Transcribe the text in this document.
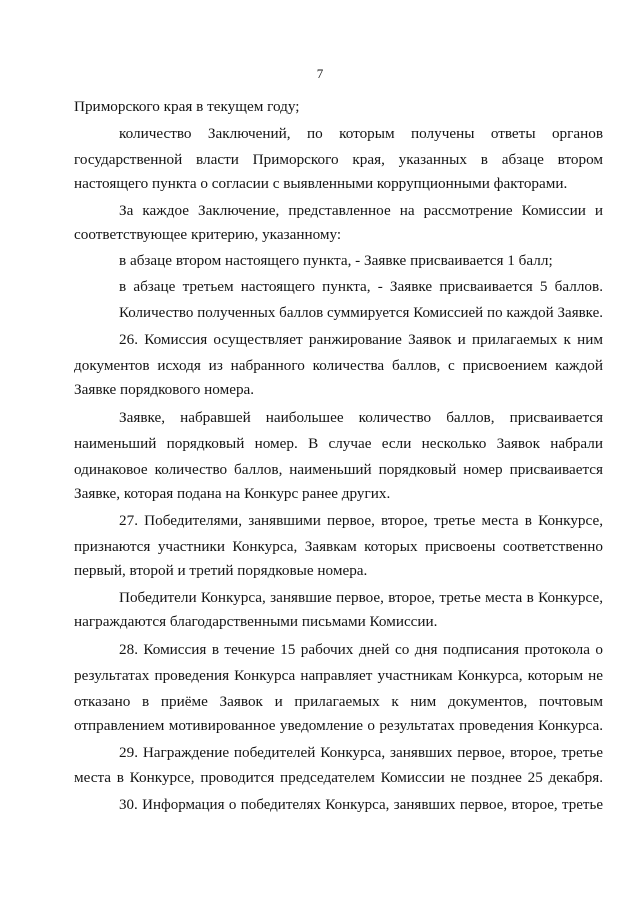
7
Приморского края в текущем году;
количество Заключений, по которым получены ответы органов
государственной власти Приморского края, указанных в абзаце втором
настоящего пункта о согласии с выявленными коррупционными факторами.
За каждое Заключение, представленное на рассмотрение Комиссии и
соответствующее критерию, указанному:
в абзаце втором настоящего пункта, - Заявке присваивается 1 балл;
в абзаце третьем настоящего пункта, - Заявке присваивается 5 баллов.
Количество полученных баллов суммируется Комиссией по каждой Заявке.
26. Комиссия осуществляет ранжирование Заявок и прилагаемых к ним
документов исходя из набранного количества баллов, с присвоением каждой
Заявке порядкового номера.
Заявке, набравшей наибольшее количество баллов, присваивается
наименьший порядковый номер. В случае если несколько Заявок набрали
одинаковое количество баллов, наименьший порядковый номер присваивается
Заявке, которая подана на Конкурс ранее других.
27. Победителями, занявшими первое, второе, третье места в Конкурсе,
признаются участники Конкурса, Заявкам которых присвоены соответственно
первый, второй и третий порядковые номера.
Победители Конкурса, занявшие первое, второе, третье места в Конкурсе,
награждаются благодарственными письмами Комиссии.
28. Комиссия в течение 15 рабочих дней со дня подписания протокола о
результатах проведения Конкурса направляет участникам Конкурса, которым не
отказано в приёме Заявок и прилагаемых к ним документов, почтовым
отправлением мотивированное уведомление о результатах проведения Конкурса.
29. Награждение победителей Конкурса, занявших первое, второе, третье
места в Конкурсе, проводится председателем Комиссии не позднее 25 декабря.
30. Информация о победителях Конкурса, занявших первое, второе, третье
